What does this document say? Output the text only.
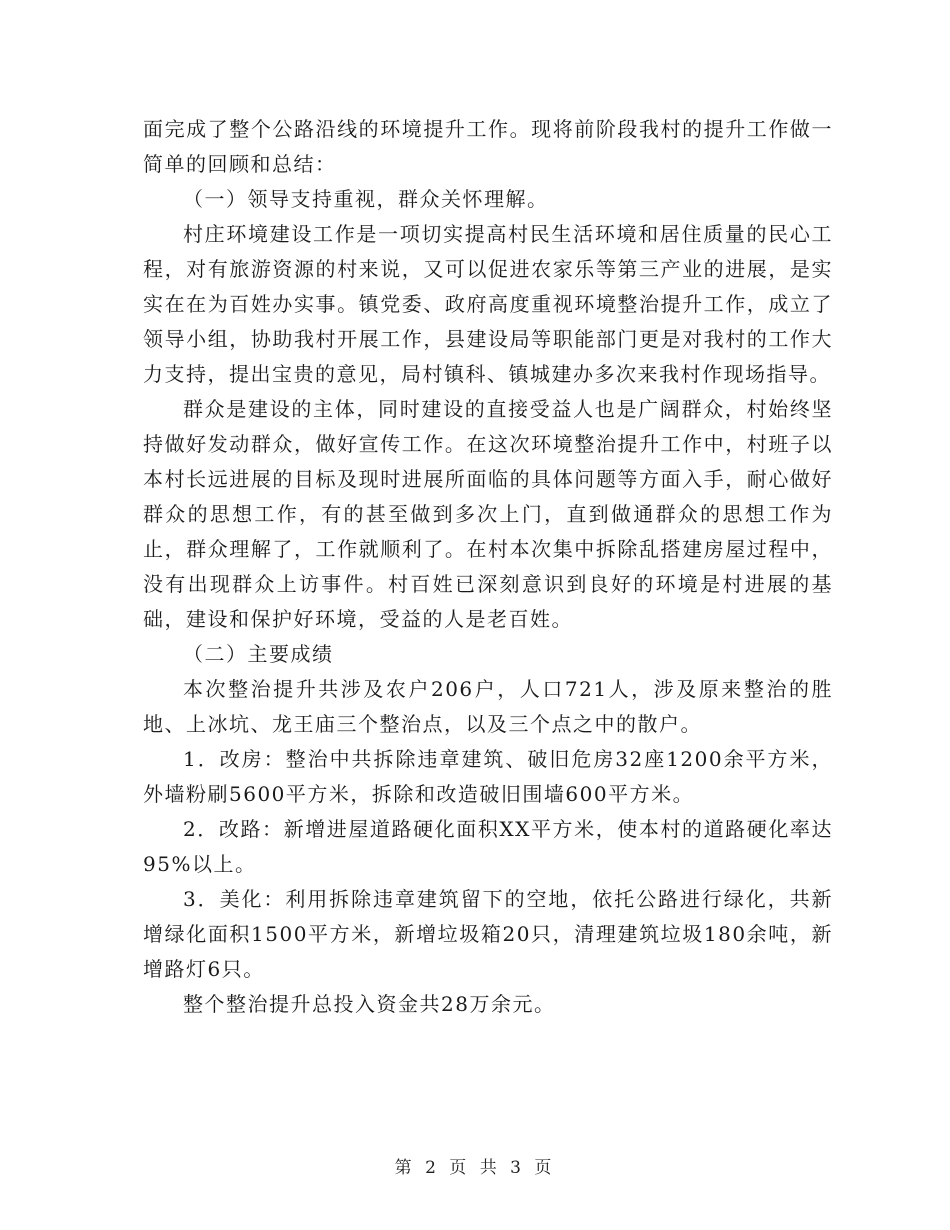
面完成了整个公路沿线的环境提升工作。现将前阶段我村的提升工作做一简单的回顾和总结：

（一）领导支持重视，群众关怀理解。

村庄环境建设工作是一项切实提高村民生活环境和居住质量的民心工程，对有旅游资源的村来说，又可以促进农家乐等第三产业的进展，是实实在在为百姓办实事。镇党委、政府高度重视环境整治提升工作，成立了领导小组，协助我村开展工作，县建设局等职能部门更是对我村的工作大力支持，提出宝贵的意见，局村镇科、镇城建办多次来我村作现场指导。

群众是建设的主体，同时建设的直接受益人也是广阔群众，村始终坚持做好发动群众，做好宣传工作。在这次环境整治提升工作中，村班子以本村长远进展的目标及现时进展所面临的具体问题等方面入手，耐心做好群众的思想工作，有的甚至做到多次上门，直到做通群众的思想工作为止，群众理解了，工作就顺利了。在村本次集中拆除乱搭建房屋过程中，没有出现群众上访事件。村百姓已深刻意识到良好的环境是村进展的基础，建设和保护好环境，受益的人是老百姓。

（二）主要成绩

本次整治提升共涉及农户206户，人口721人，涉及原来整治的胜地、上冰坑、龙王庙三个整治点，以及三个点之中的散户。

1．改房：整治中共拆除违章建筑、破旧危房32座1200余平方米，外墙粉刷5600平方米，拆除和改造破旧围墙600平方米。

2．改路：新增进屋道路硬化面积XX平方米，使本村的道路硬化率达95%以上。

3．美化：利用拆除违章建筑留下的空地，依托公路进行绿化，共新增绿化面积1500平方米，新增垃圾箱20只，清理建筑垃圾180余吨，新增路灯6只。

整个整治提升总投入资金共28万余元。

第 2 页 共 3 页
